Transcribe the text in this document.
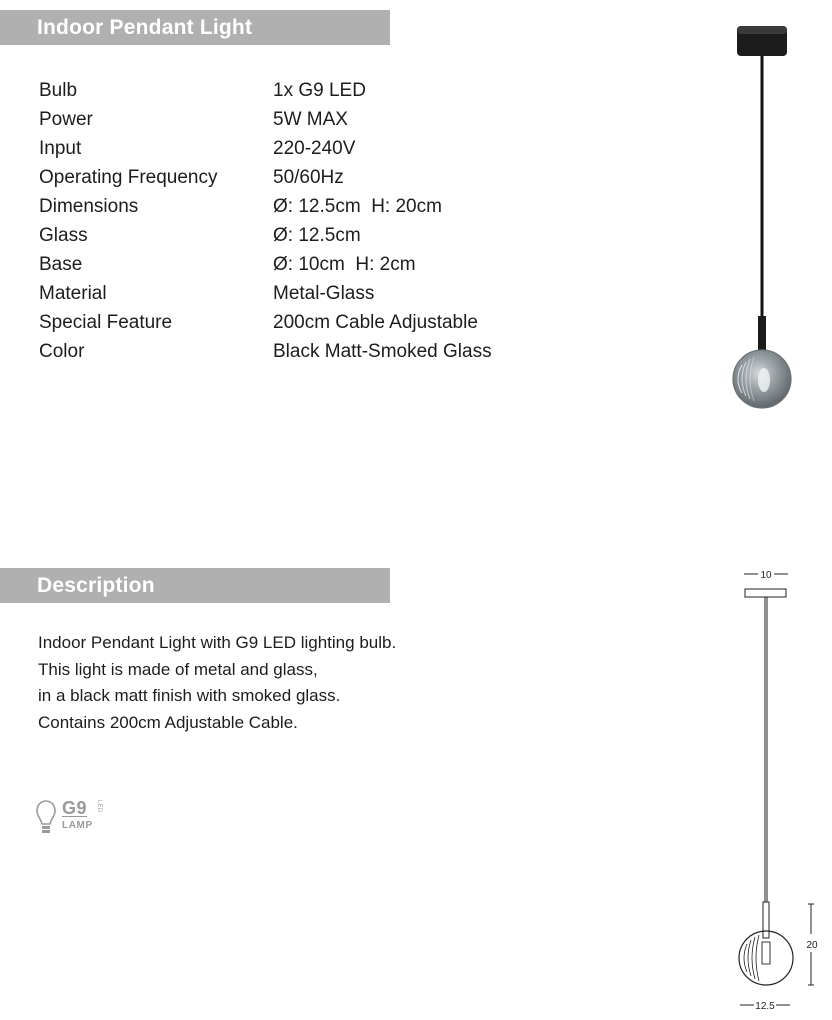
Indoor Pendant Light
Bulb	1x G9 LED
Power	5W MAX
Input	220-240V
Operating Frequency	50/60Hz
Dimensions	Ø: 12.5cm  H: 20cm
Glass	Ø: 12.5cm
Base	Ø: 10cm  H: 2cm
Material	Metal-Glass
Special Feature	200cm Cable Adjustable
Color	Black Matt-Smoked Glass
Description
Indoor Pendant Light with G9 LED lighting bulb.
This light is made of metal and glass,
in a black matt finish with smoked glass.
Contains 200cm Adjustable Cable.
G9 LED
LAMP
10
20
12.5
